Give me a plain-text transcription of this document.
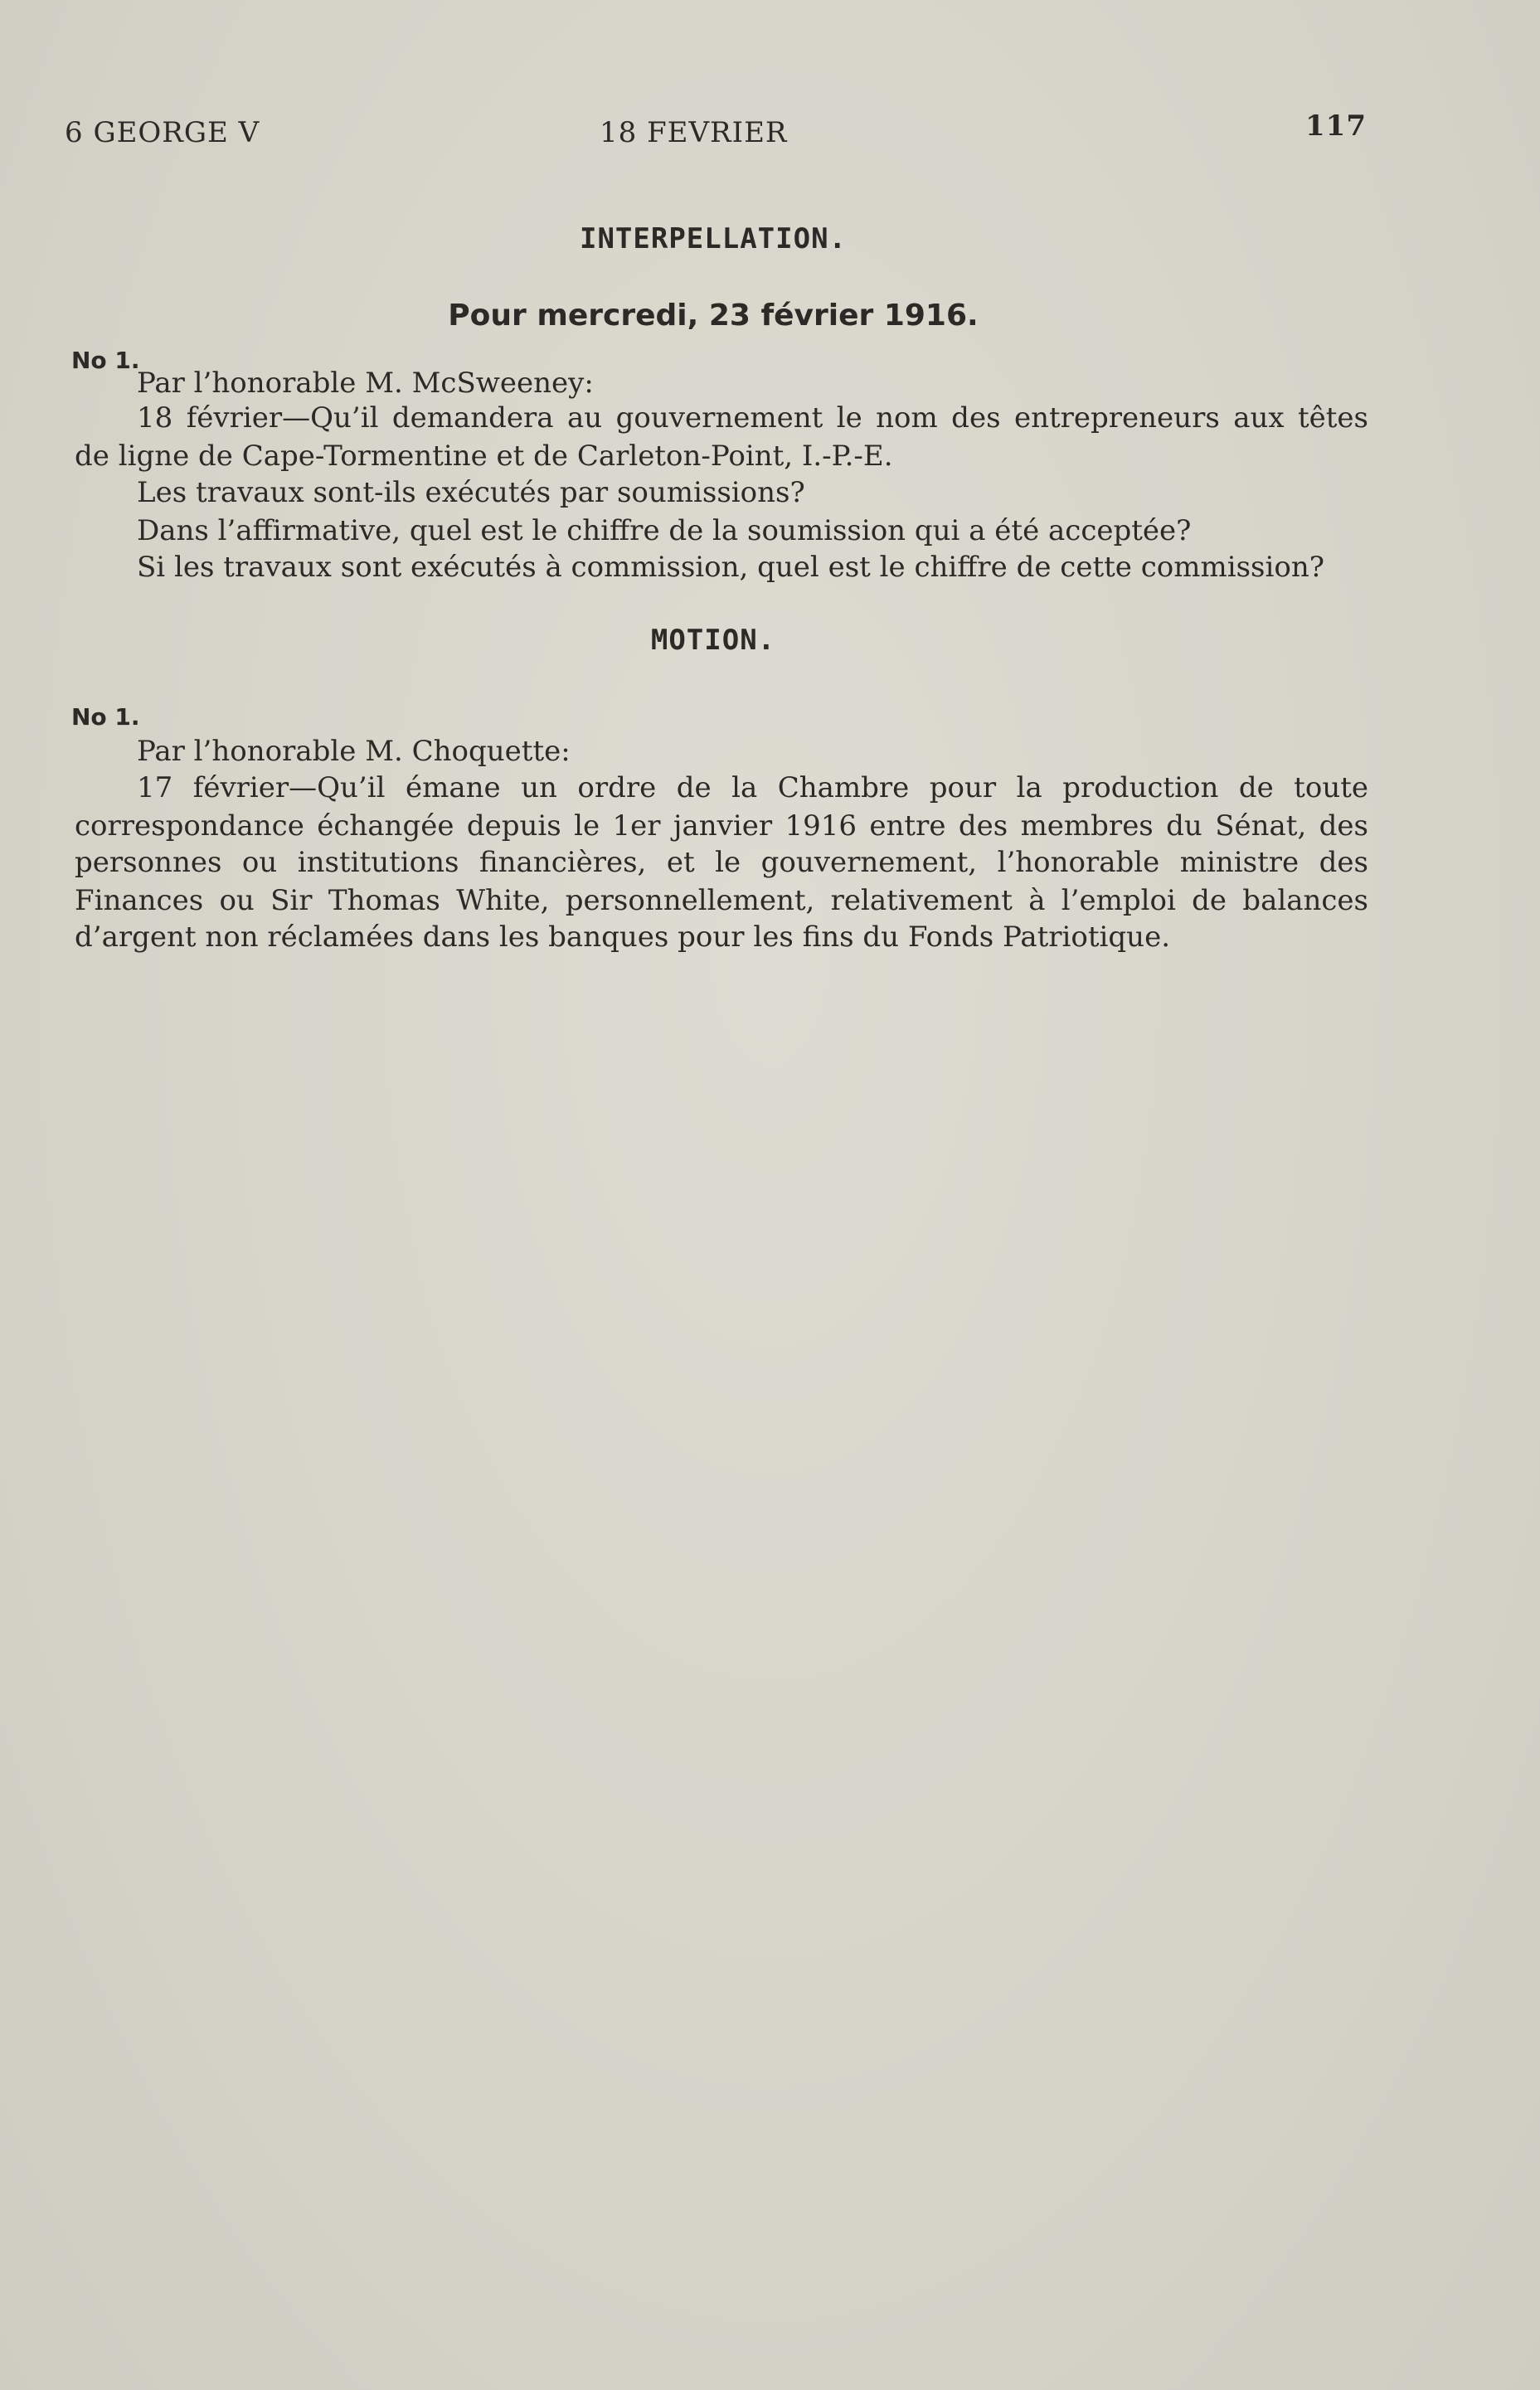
6 GEORGE V	18 FEVRIER	117
INTERPELLATION.
Pour mercredi, 23 février 1916.
No 1.
Par l’honorable M. McSweeney:
18 février—Qu’il demandera au gouvernement le nom des entrepreneurs aux têtes
de ligne de Cape-Tormentine et de Carleton-Point, I.-P.-E.
Les travaux sont-ils exécutés par soumissions?
Dans l’affirmative, quel est le chiffre de la soumission qui a été acceptée?
Si les travaux sont exécutés à commission, quel est le chiffre de cette commission?
MOTION.
No 1.
Par l’honorable M. Choquette:
17 février—Qu’il émane un ordre de la Chambre pour la production de toute
correspondance échangée depuis le 1er janvier 1916 entre des membres du Sénat, des
personnes ou institutions financières, et le gouvernement, l’honorable ministre des
Finances ou Sir Thomas White, personnellement, relativement à l’emploi de balances
d’argent non réclamées dans les banques pour les fins du Fonds Patriotique.
